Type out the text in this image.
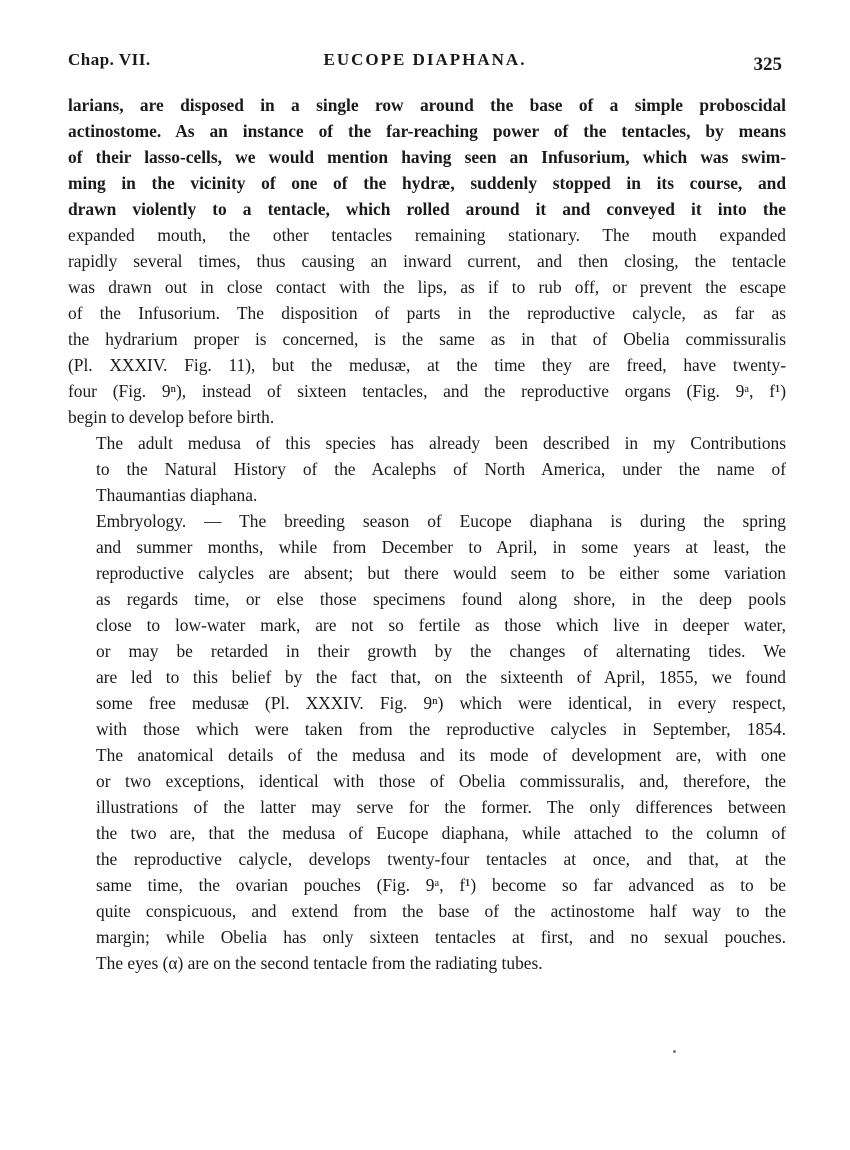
Chap. VII.	EUCOPE DIAPHANA.	325

larians, are disposed in a single row around the base of a simple proboscidal
actinostome. As an instance of the far-reaching power of the tentacles, by means
of their lasso-cells, we would mention having seen an Infusorium, which was swim-
ming in the vicinity of one of the hydræ, suddenly stopped in its course, and
drawn violently to a tentacle, which rolled around it and conveyed it into the
expanded mouth, the other tentacles remaining stationary. The mouth expanded
rapidly several times, thus causing an inward current, and then closing, the tentacle
was drawn out in close contact with the lips, as if to rub off, or prevent the escape
of the Infusorium. The disposition of parts in the reproductive calycle, as far as
the hydrarium proper is concerned, is the same as in that of Obelia commissuralis
(Pl. XXXIV. Fig. 11), but the medusæ, at the time they are freed, have twenty-
four (Fig. 9ⁿ), instead of sixteen tentacles, and the reproductive organs (Fig. 9ᵃ, f¹)
begin to develop before birth.

The adult medusa of this species has already been described in my Contributions
to the Natural History of the Acalephs of North America, under the name of
Thaumantias diaphana.

Embryology. — The breeding season of Eucope diaphana is during the spring
and summer months, while from December to April, in some years at least, the
reproductive calycles are absent; but there would seem to be either some variation
as regards time, or else those specimens found along shore, in the deep pools
close to low-water mark, are not so fertile as those which live in deeper water,
or may be retarded in their growth by the changes of alternating tides. We
are led to this belief by the fact that, on the sixteenth of April, 1855, we found
some free medusæ (Pl. XXXIV. Fig. 9ⁿ) which were identical, in every respect,
with those which were taken from the reproductive calycles in September, 1854.
The anatomical details of the medusa and its mode of development are, with one
or two exceptions, identical with those of Obelia commissuralis, and, therefore, the
illustrations of the latter may serve for the former. The only differences between
the two are, that the medusa of Eucope diaphana, while attached to the column of
the reproductive calycle, develops twenty-four tentacles at once, and that, at the
same time, the ovarian pouches (Fig. 9ᵃ, f¹) become so far advanced as to be
quite conspicuous, and extend from the base of the actinostome half way to the
margin; while Obelia has only sixteen tentacles at first, and no sexual pouches.
The eyes (α) are on the second tentacle from the radiating tubes.
